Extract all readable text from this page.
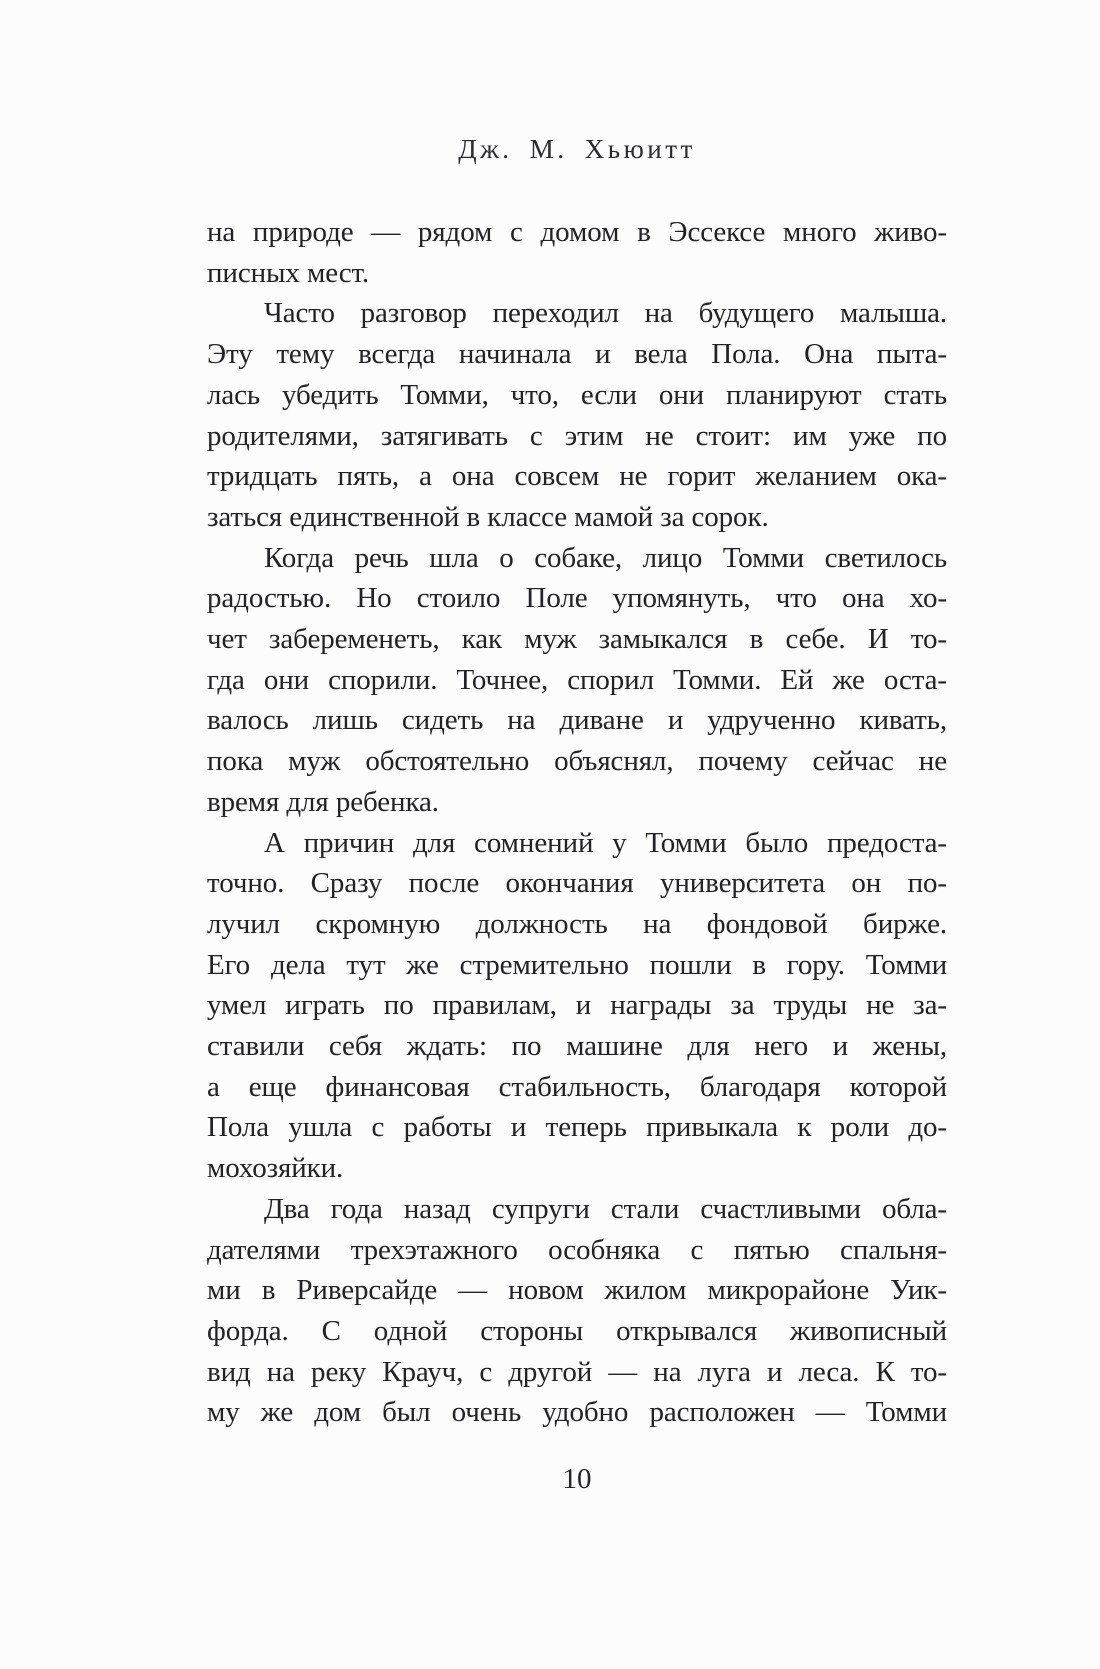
Дж. М. Хьюитт
на природе — рядом с домом в Эссексе много живо-
писных мест.
Часто разговор переходил на будущего малыша.
Эту тему всегда начинала и вела Пола. Она пыта-
лась убедить Томми, что, если они планируют стать
родителями, затягивать с этим не стоит: им уже по
тридцать пять, а она совсем не горит желанием ока-
заться единственной в классе мамой за сорок.
Когда речь шла о собаке, лицо Томми светилось
радостью. Но стоило Поле упомянуть, что она хо-
чет забеременеть, как муж замыкался в себе. И то-
гда они спорили. Точнее, спорил Томми. Ей же оста-
валось лишь сидеть на диване и удрученно кивать,
пока муж обстоятельно объяснял, почему сейчас не
время для ребенка.
А причин для сомнений у Томми было предоста-
точно. Сразу после окончания университета он по-
лучил скромную должность на фондовой бирже.
Его дела тут же стремительно пошли в гору. Томми
умел играть по правилам, и награды за труды не за-
ставили себя ждать: по машине для него и жены,
а еще финансовая стабильность, благодаря которой
Пола ушла с работы и теперь привыкала к роли до-
мохозяйки.
Два года назад супруги стали счастливыми обла-
дателями трехэтажного особняка с пятью спальня-
ми в Риверсайде — новом жилом микрорайоне Уик-
форда. С одной стороны открывался живописный
вид на реку Крауч, с другой — на луга и леса. К то-
му же дом был очень удобно расположен — Томми
10
